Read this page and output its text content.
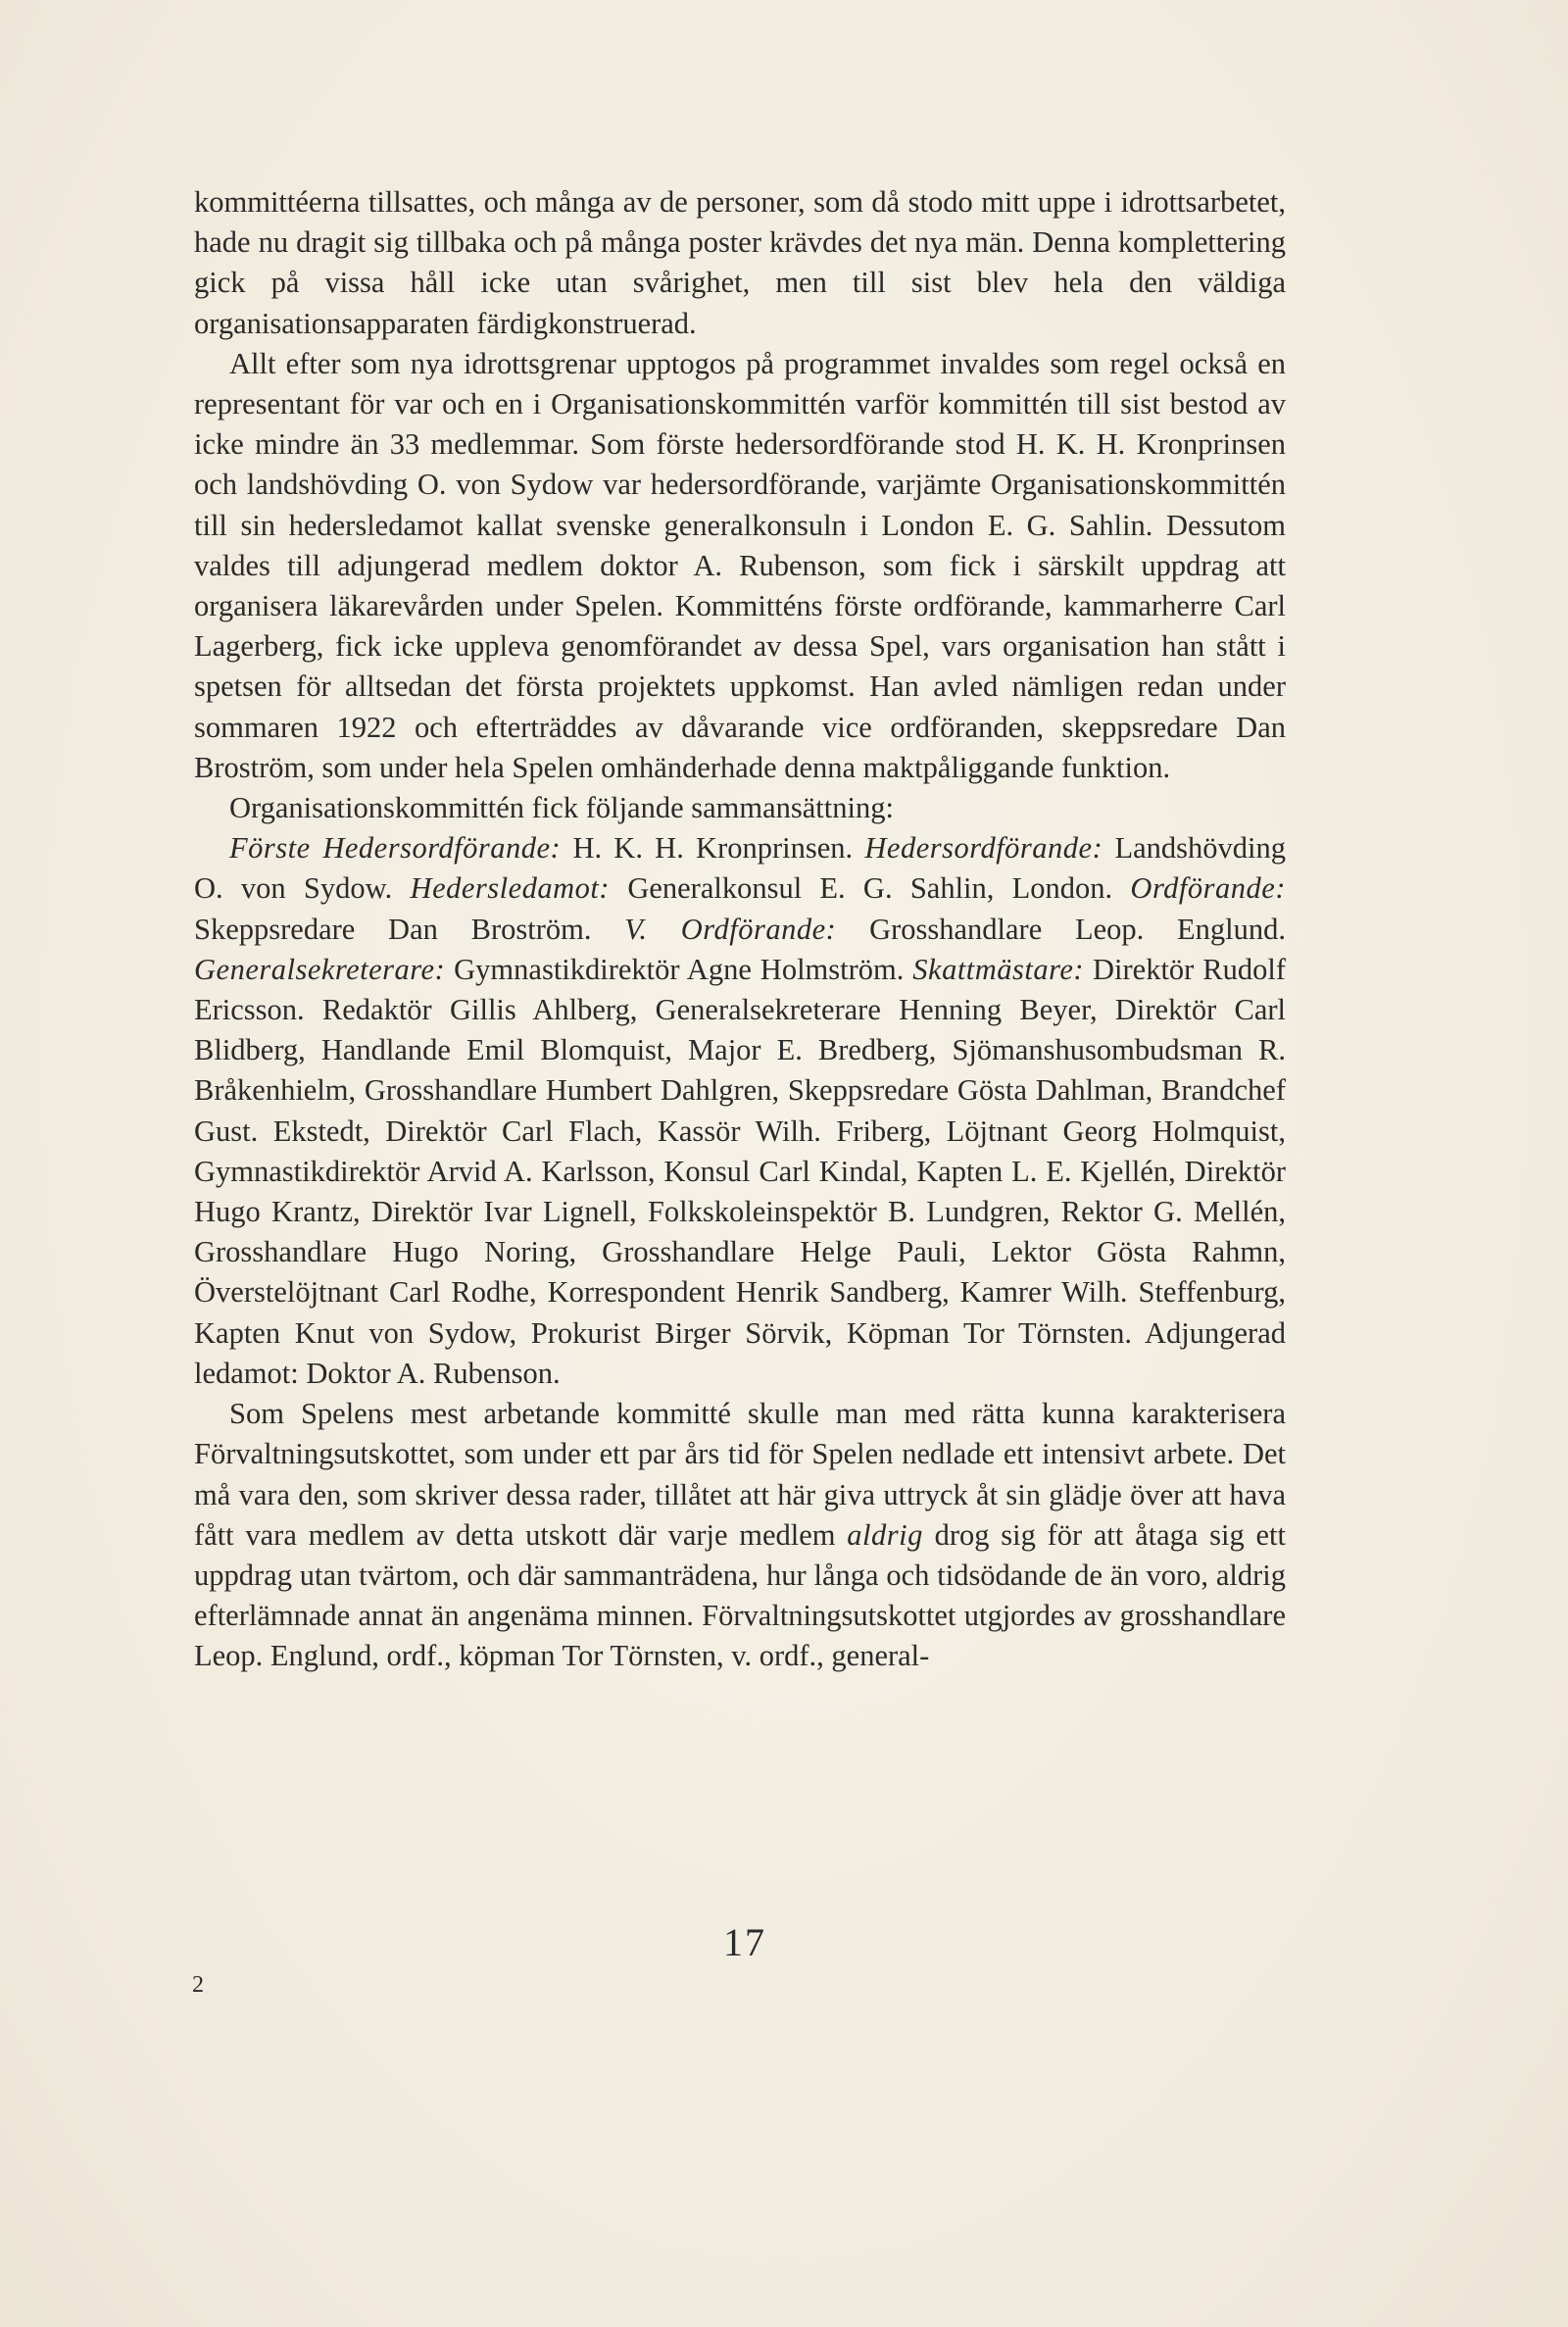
kommittéerna tillsattes, och många av de personer, som då stodo mitt uppe i idrottsarbetet, hade nu dragit sig tillbaka och på många poster krävdes det nya män. Denna komplettering gick på vissa håll icke utan svårighet, men till sist blev hela den väldiga organisationsapparaten färdigkonstruerad.

Allt efter som nya idrottsgrenar upptogos på programmet invaldes som regel också en representant för var och en i Organisationskommittén varför kommittén till sist bestod av icke mindre än 33 medlemmar. Som förste hedersordförande stod H. K. H. Kronprinsen och landshövding O. von Sydow var hedersordförande, varjämte Organisationskommittén till sin hedersledamot kallat svenske generalkonsuln i London E. G. Sahlin. Dessutom valdes till adjungerad medlem doktor A. Rubenson, som fick i särskilt uppdrag att organisera läkarevården under Spelen. Kommitténs förste ordförande, kammarherre Carl Lagerberg, fick icke uppleva genomförandet av dessa Spel, vars organisation han stått i spetsen för alltsedan det första projektets uppkomst. Han avled nämligen redan under sommaren 1922 och efterträddes av dåvarande vice ordföranden, skeppsredare Dan Broström, som under hela Spelen omhänderhade denna maktpåliggande funktion.

Organisationskommittén fick följande sammansättning:

Förste Hedersordförande: H. K. H. Kronprinsen. Hedersordförande: Landshövding O. von Sydow. Hedersledamot: Generalkonsul E. G. Sahlin, London. Ordförande: Skeppsredare Dan Broström. V. Ordförande: Grosshandlare Leop. Englund. Generalsekreterare: Gymnastikdirektör Agne Holmström. Skattmästare: Direktör Rudolf Ericsson. Redaktör Gillis Ahlberg, Generalsekreterare Henning Beyer, Direktör Carl Blidberg, Handlande Emil Blomquist, Major E. Bredberg, Sjömanshusombudsman R. Bråkenhielm, Grosshandlare Humbert Dahlgren, Skeppsredare Gösta Dahlman, Brandchef Gust. Ekstedt, Direktör Carl Flach, Kassör Wilh. Friberg, Löjtnant Georg Holmquist, Gymnastikdirektör Arvid A. Karlsson, Konsul Carl Kindal, Kapten L. E. Kjellén, Direktör Hugo Krantz, Direktör Ivar Lignell, Folkskoleinspektör B. Lundgren, Rektor G. Mellén, Grosshandlare Hugo Noring, Grosshandlare Helge Pauli, Lektor Gösta Rahmn, Överstelöjtnant Carl Rodhe, Korrespondent Henrik Sandberg, Kamrer Wilh. Steffenburg, Kapten Knut von Sydow, Prokurist Birger Sörvik, Köpman Tor Törnsten. Adjungerad ledamot: Doktor A. Rubenson.

Som Spelens mest arbetande kommitté skulle man med rätta kunna karakterisera Förvaltningsutskottet, som under ett par års tid för Spelen nedlade ett intensivt arbete. Det må vara den, som skriver dessa rader, tillåtet att här giva uttryck åt sin glädje över att hava fått vara medlem av detta utskott där varje medlem aldrig drog sig för att åtaga sig ett uppdrag utan tvärtom, och där sammanträdena, hur långa och tidsödande de än voro, aldrig efterlämnade annat än angenäma minnen. Förvaltningsutskottet utgjordes av grosshandlare Leop. Englund, ordf., köpman Tor Törnsten, v. ordf., general-

17
2
